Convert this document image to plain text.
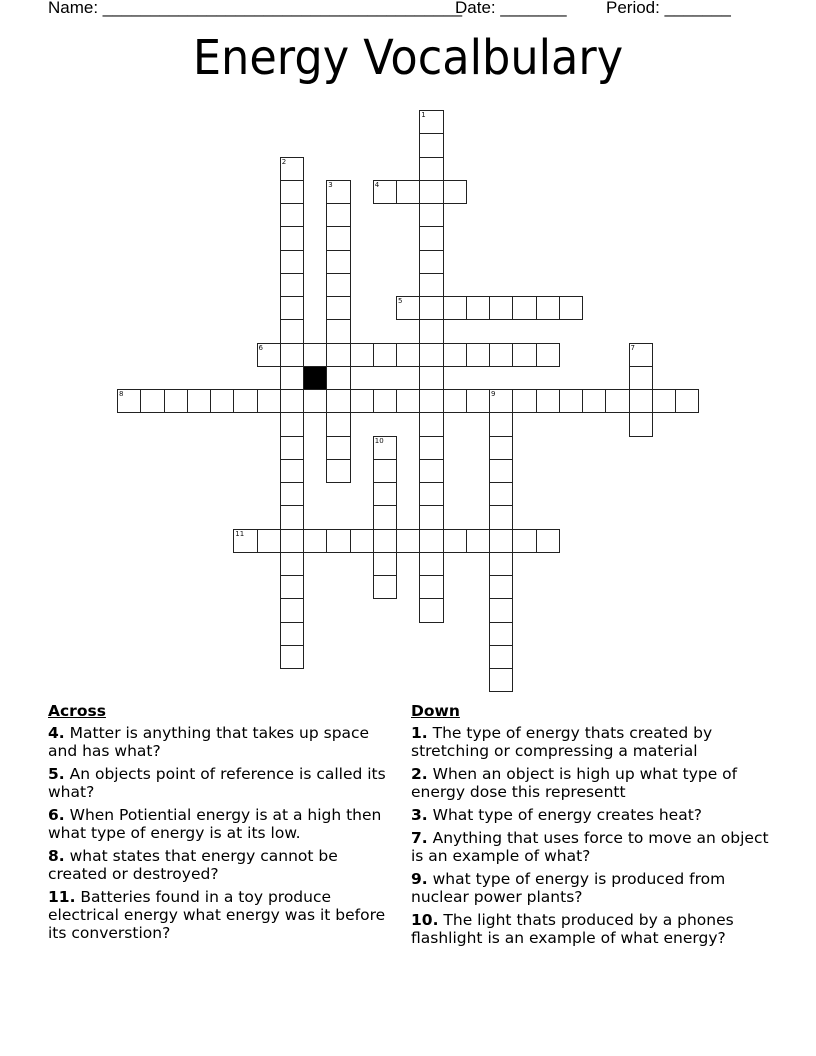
Name: ______________________________________
Date: _______ Period: _______
Energy Vocalbulary
1
2
3	4
5
6	7
8	9
10
11
Across
4. Matter is anything that takes up space and has what?
5. An objects point of reference is called its what?
6. When Potiential energy is at a high then what type of energy is at its low.
8. what states that energy cannot be created or destroyed?
11. Batteries found in a toy produce electrical energy what energy was it before its converstion?
Down
1. The type of energy thats created by stretching or compressing a material
2. When an object is high up what type of energy dose this representt
3. What type of energy creates heat?
7. Anything that uses force to move an object is an example of what?
9. what type of energy is produced from nuclear power plants?
10. The light thats produced by a phones flashlight is an example of what energy?
